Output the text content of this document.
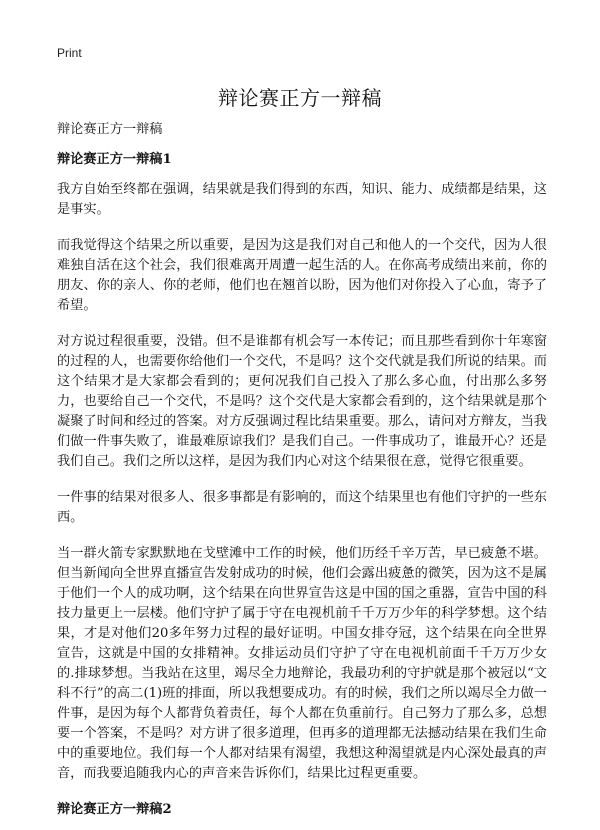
Print
辩论赛正方一辩稿

辩论赛正方一辩稿

辩论赛正方一辩稿1

我方自始至终都在强调，结果就是我们得到的东西，知识、能力、成绩都是结果，这是事实。

而我觉得这个结果之所以重要，是因为这是我们对自己和他人的一个交代，因为人很难独自活在这个社会，我们很难离开周遭一起生活的人。在你高考成绩出来前，你的朋友、你的亲人、你的老师，他们也在翘首以盼，因为他们对你投入了心血，寄予了希望。

对方说过程很重要，没错。但不是谁都有机会写一本传记；而且那些看到你十年寒窗的过程的人，也需要你给他们一个交代，不是吗？这个交代就是我们所说的结果。而这个结果才是大家都会看到的；更何况我们自己投入了那么多心血，付出那么多努力，也要给自己一个交代，不是吗？这个交代是大家都会看到的，这个结果就是那个凝聚了时间和经过的答案。对方反强调过程比结果重要。那么，请问对方辩友，当我们做一件事失败了，谁最难原谅我们？是我们自己。一件事成功了，谁最开心？还是我们自己。我们之所以这样，是因为我们内心对这个结果很在意，觉得它很重要。

一件事的结果对很多人、很多事都是有影响的，而这个结果里也有他们守护的一些东西。

当一群火箭专家默默地在戈壁滩中工作的时候，他们历经千辛万苦，早已疲惫不堪。但当新闻向全世界直播宣告发射成功的时候，他们会露出疲惫的微笑，因为这不是属于他们一个人的成功啊，这个结果在向世界宣告这是中国的国之重器，宣告中国的科技力量更上一层楼。他们守护了属于守在电视机前千千万万少年的科学梦想。这个结果，才是对他们20多年努力过程的最好证明。中国女排夺冠，这个结果在向全世界宣告，这就是中国的女排精神。女排运动员们守护了守在电视机前面千千万万少女的.排球梦想。当我站在这里，竭尽全力地辩论，我最功利的守护就是那个被冠以“文科不行”的高二(1)班的排面，所以我想要成功。有的时候，我们之所以竭尽全力做一件事，是因为每个人都背负着责任，每个人都在负重前行。自己努力了那么多，总想要一个答案，不是吗？对方讲了很多道理，但再多的道理都无法撼动结果在我们生命中的重要地位。我们每一个人都对结果有渴望，我想这种渴望就是内心深处最真的声音，而我要追随我内心的声音来告诉你们，结果比过程更重要。

辩论赛正方一辩稿2
